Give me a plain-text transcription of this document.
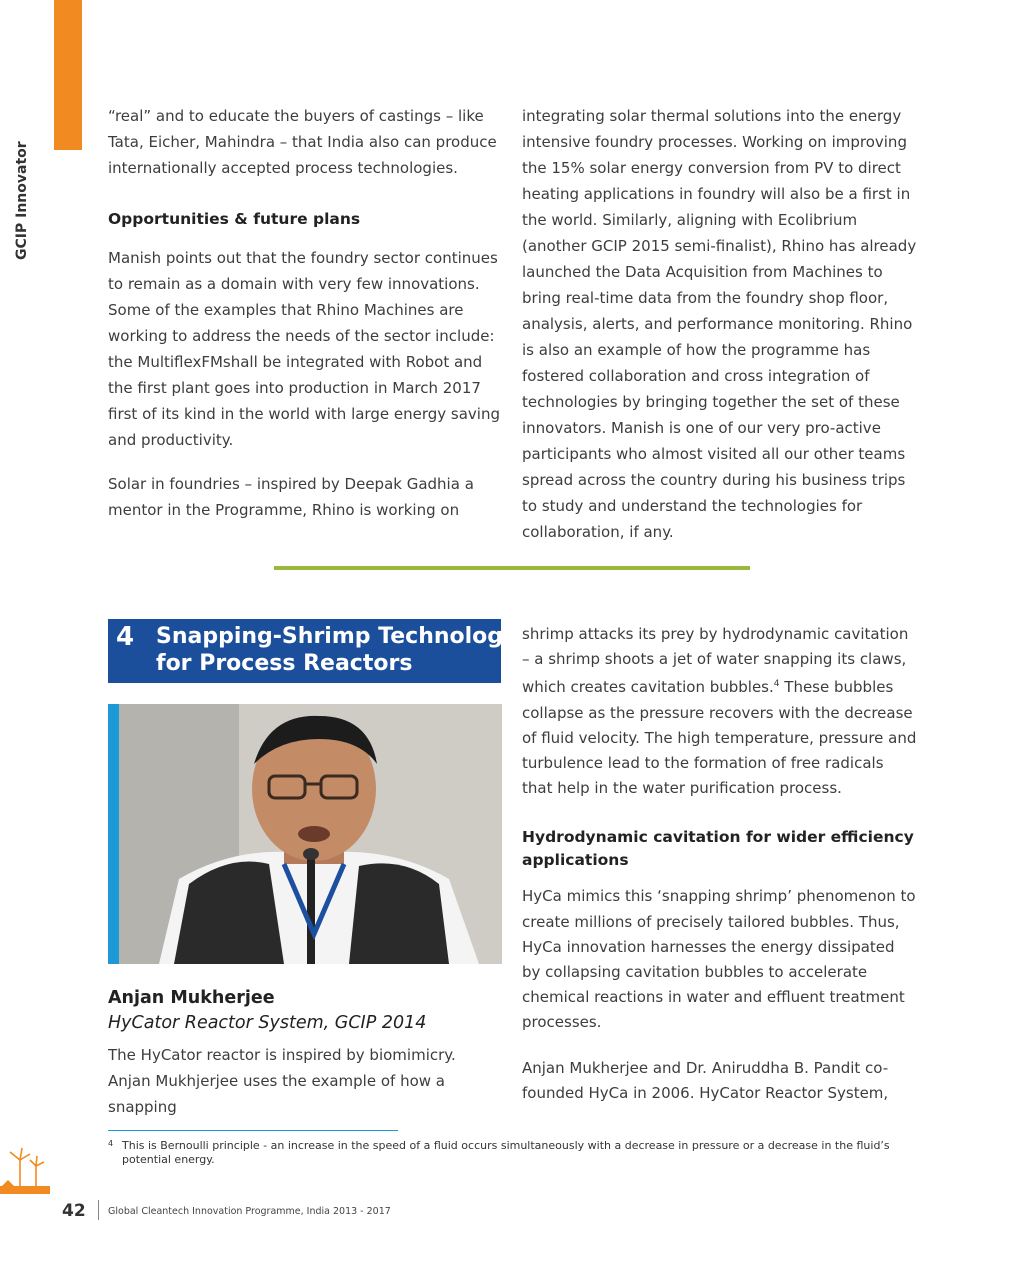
GCIP InnovatorStories	“real” and to educate the buyers of castings – like Tata, Eicher, Mahindra – that India also can produce internationally accepted process technologies.

Opportunities & future plans

Manish points out that the foundry sector continues to remain as a domain with very few innovations. Some of the examples that Rhino Machines are working to address the needs of the sector include: the MultiflexFMshall be integrated with Robot and the first plant goes into production in March 2017 first of its kind in the world with large energy saving and productivity.

Solar in foundries – inspired by Deepak Gadhia a mentor in the Programme, Rhino is working on

integrating solar thermal solutions into the energy intensive foundry processes. Working on improving the 15% solar energy conversion from PV to direct heating applications in foundry will also be a first in the world. Similarly, aligning with Ecolibrium (another GCIP 2015 semi-finalist), Rhino has already launched the Data Acquisition from Machines to bring real-time data from the foundry shop floor, analysis, alerts, and performance monitoring. Rhino is also an example of how the programme has fostered collaboration and cross integration of technologies by bringing together the set of these innovators. Manish is one of our very pro-active participants who almost visited all our other teams spread across the country during his business trips to study and understand the technologies for collaboration, if any.

4 Snapping-Shrimp Technology
for Process Reactors
Anjan Mukherjee
HyCator Reactor System, GCIP 2014

The HyCator reactor is inspired by biomimicry. Anjan Mukhjerjee uses the example of how a snapping

shrimp attacks its prey by hydrodynamic cavitation – a shrimp shoots a jet of water snapping its claws, which creates cavitation bubbles.$^4$ These bubbles collapse as the pressure recovers with the decrease of fluid velocity. The high temperature, pressure and turbulence lead to the formation of free radicals that help in the water purification process.

Hydrodynamic cavitation for wider efficiency applications

HyCa mimics this ‘snapping shrimp’ phenomenon to create millions of precisely tailored bubbles. Thus, HyCa innovation harnesses the energy dissipated by collapsing cavitation bubbles to accelerate chemical reactions in water and effluent treatment processes.

Anjan Mukherjee and Dr. Aniruddha B. Pandit co-founded HyCa in 2006. HyCator Reactor System,

4 This is Bernoulli principle - an increase in the speed of a fluid occurs simultaneously with a decrease in pressure or a decrease in the fluid’s potential energy.
42 Global Cleantech Innovation Programme, India 2013 - 2017
